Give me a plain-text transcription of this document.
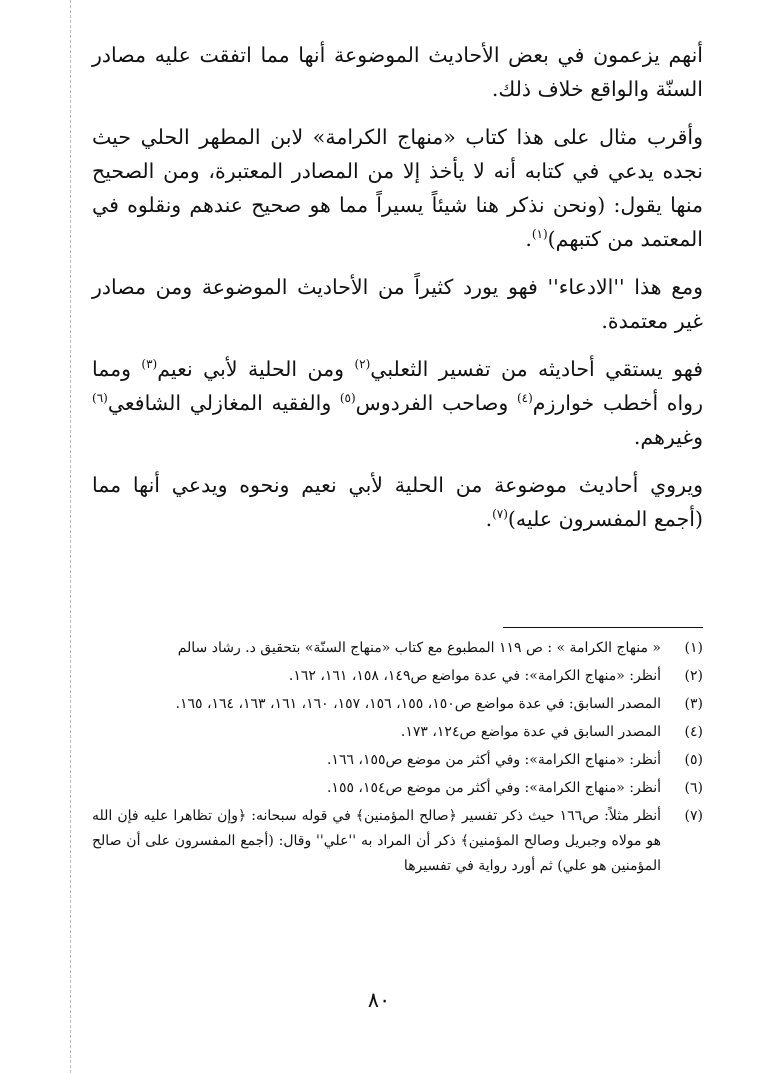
أنهم يزعمون في بعض الأحاديث الموضوعة أنها مما اتفقت عليه مصادر السنّة والواقع خلاف ذلك.

وأقرب مثال على هذا كتاب «منهاج الكرامة» لابن المطهر الحلي حيث نجده يدعي في كتابه أنه لا يأخذ إلا من المصادر المعتبرة، ومن الصحيح منها يقول: (ونحن نذكر هنا شيئاً يسيراً مما هو صحيح عندهم ونقلوه في المعتمد من كتبهم)$^{(١)}$.

ومع هذا ''الادعاء'' فهو يورد كثيراً من الأحاديث الموضوعة ومن مصادر غير معتمدة.

فهو يستقي أحاديثه من تفسير الثعلبي$^{(٢)}$ ومن الحلية لأبي نعيم$^{(٣)}$ ومما رواه أخطب خوارزم$^{(٤)}$ وصاحب الفردوس$^{(٥)}$ والفقيه المغازلي الشافعي$^{(٦)}$ وغيرهم.

ويروي أحاديث موضوعة من الحلية لأبي نعيم ونحوه ويدعي أنها مما (أجمع المفسرون عليه)$^{(٧)}$.

(١)
« منهاج الكرامة » : ص ١١٩ المطبوع مع كتاب «منهاج السنّة» بتحقيق د. رشاد سالم
(٢)
أنظر: «منهاج الكرامة»: في عدة مواضع ص١٤٩، ١٥٨، ١٦١، ١٦٢.
(٣)
المصدر السابق: في عدة مواضع ص١٥٠، ١٥٥، ١٥٦، ١٥٧، ١٦٠، ١٦١، ١٦٣، ١٦٤، ١٦٥.
(٤)
المصدر السابق في عدة مواضع ص١٢٤، ١٧٣.
(٥)
أنظر: «منهاج الكرامة»: وفي أكثر من موضع ص١٥٥، ١٦٦.
(٦)
أنظر: «منهاج الكرامة»: وفي أكثر من موضع ص١٥٤، ١٥٥.
(٧)
أنظر مثلاً: ص١٦٦ حيث ذكر تفسير ﴿صالح المؤمنين﴾ في قوله سبحانه: ﴿وإن تظاهرا عليه فإن الله هو مولاه وجبريل وصالح المؤمنين﴾ ذكر أن المراد به ''علي'' وقال: (أجمع المفسرون على أن صالح المؤمنين هو علي) ثم أورد رواية في تفسيرها
٨٠
